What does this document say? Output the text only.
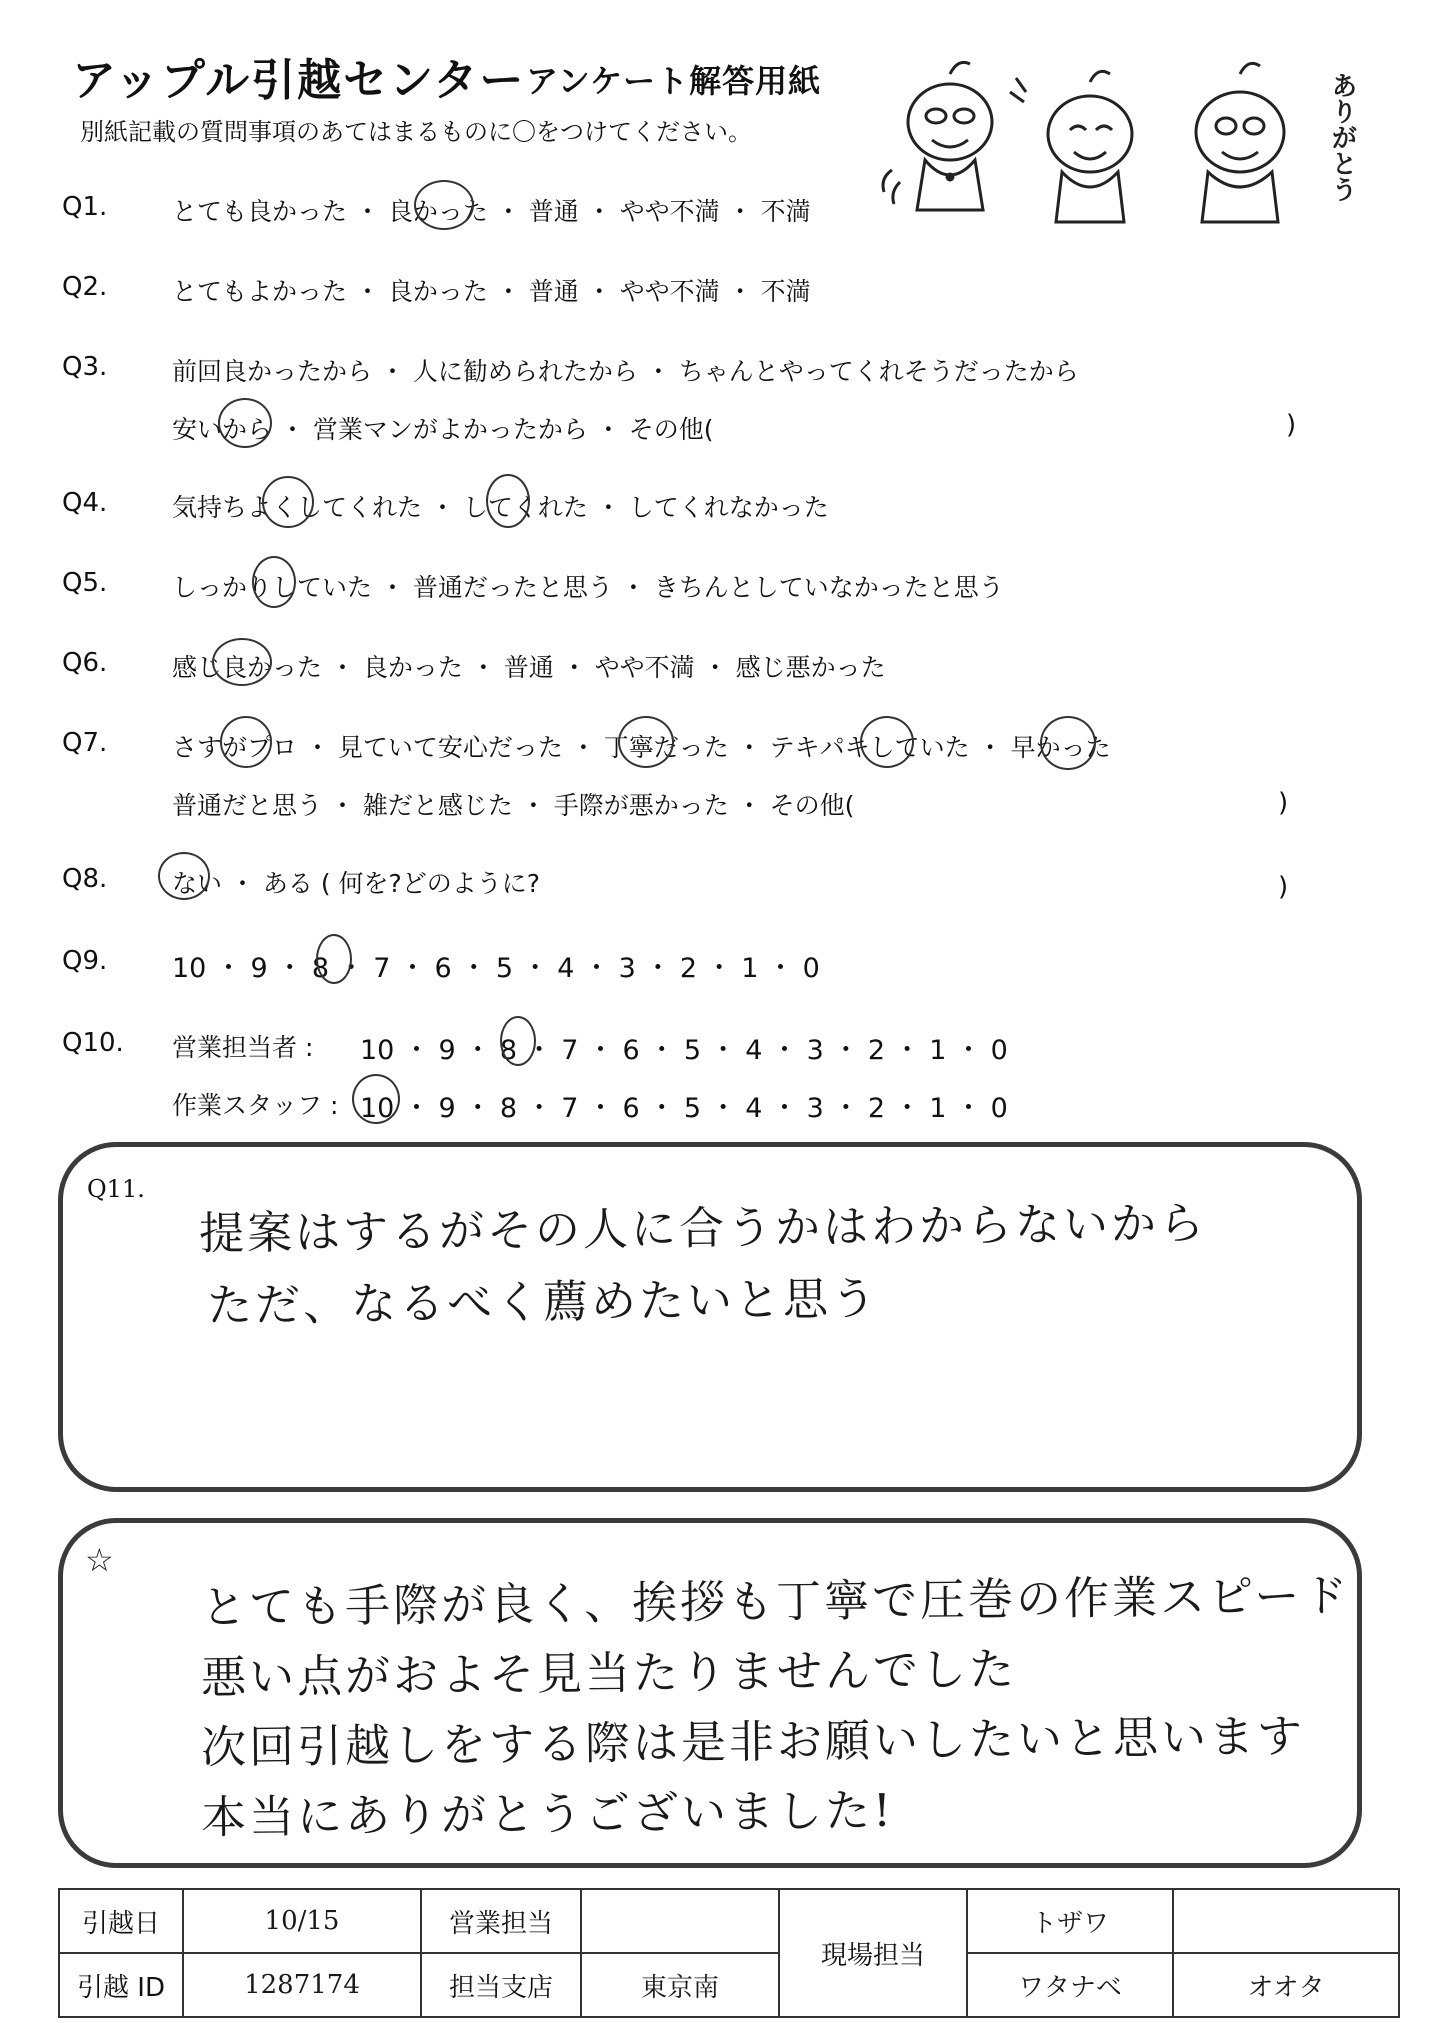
アップル引越センター アンケート解答用紙
別紙記載の質問事項のあてはまるものに〇をつけてください。	ありがとう
Q1.	とても良かった ・ 良かった ・ 普通 ・ やや不満 ・ 不満
Q2.	とてもよかった ・ 良かった ・ 普通 ・ やや不満 ・ 不満
Q3.	前回良かったから ・ 人に勧められたから ・ ちゃんとやってくれそうだったから
安いから ・ 営業マンがよかったから ・ その他(	)
Q4.	気持ちよくしてくれた ・ してくれた ・ してくれなかった
Q5.	しっかりしていた ・ 普通だったと思う ・ きちんとしていなかったと思う
Q6.	感じ良かった ・ 良かった ・ 普通 ・ やや不満 ・ 感じ悪かった
Q7.	さすがプロ ・ 見ていて安心だった ・ 丁寧だった ・ テキパキしていた ・ 早かった
普通だと思う ・ 雑だと感じた ・ 手際が悪かった ・ その他(	)
Q8.	ない ・ ある ( 何を?どのように?	)
Q9. 10 ・ 9 ・ 8 ・ 7 ・ 6 ・ 5 ・ 4 ・ 3 ・ 2 ・ 1 ・ 0
Q10. 営業担当者 : 10 ・ 9 ・ 8 ・ 7 ・ 6 ・ 5 ・ 4 ・ 3 ・ 2 ・ 1 ・ 0
作業スタッフ : 10 ・ 9 ・ 8 ・ 7 ・ 6 ・ 5 ・ 4 ・ 3 ・ 2 ・ 1 ・ 0
Q11.
提案はするがその人に合うかはわからないから
ただ、なるべく薦めたいと思う
☆
とても手際が良く、挨拶も丁寧で圧巻の作業スピード
悪い点がおよそ見当たりませんでした
次回引越しをする際は是非お願いしたいと思います
本当にありがとうございました!
引越日	10/15	営業担当		現場担当	トザワ	
引越 ID	1287174	担当支店	東京南		ワタナベ	オオタ
